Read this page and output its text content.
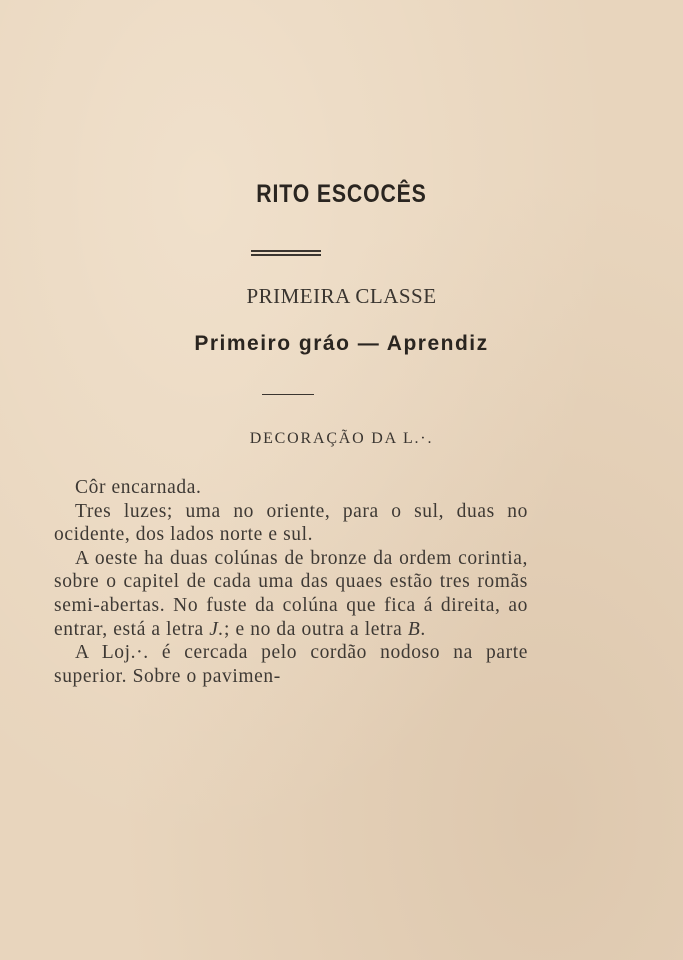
RITO ESCOCÊS
PRIMEIRA CLASSE
Primeiro gráo — Aprendiz
DECORAÇÃO DA L.·.

Côr encarnada.

Tres luzes; uma no oriente, para o sul, duas no ocidente, dos lados norte e sul.

A oeste ha duas colúnas de bronze da ordem corintia, sobre o capitel de cada uma das quaes estão tres romãs semi-abertas. No fuste da colúna que fica á direita, ao entrar, está a letra J.; e no da outra a letra B.

A Loj.·. é cercada pelo cordão nodoso na parte superior. Sobre o pavimen-
